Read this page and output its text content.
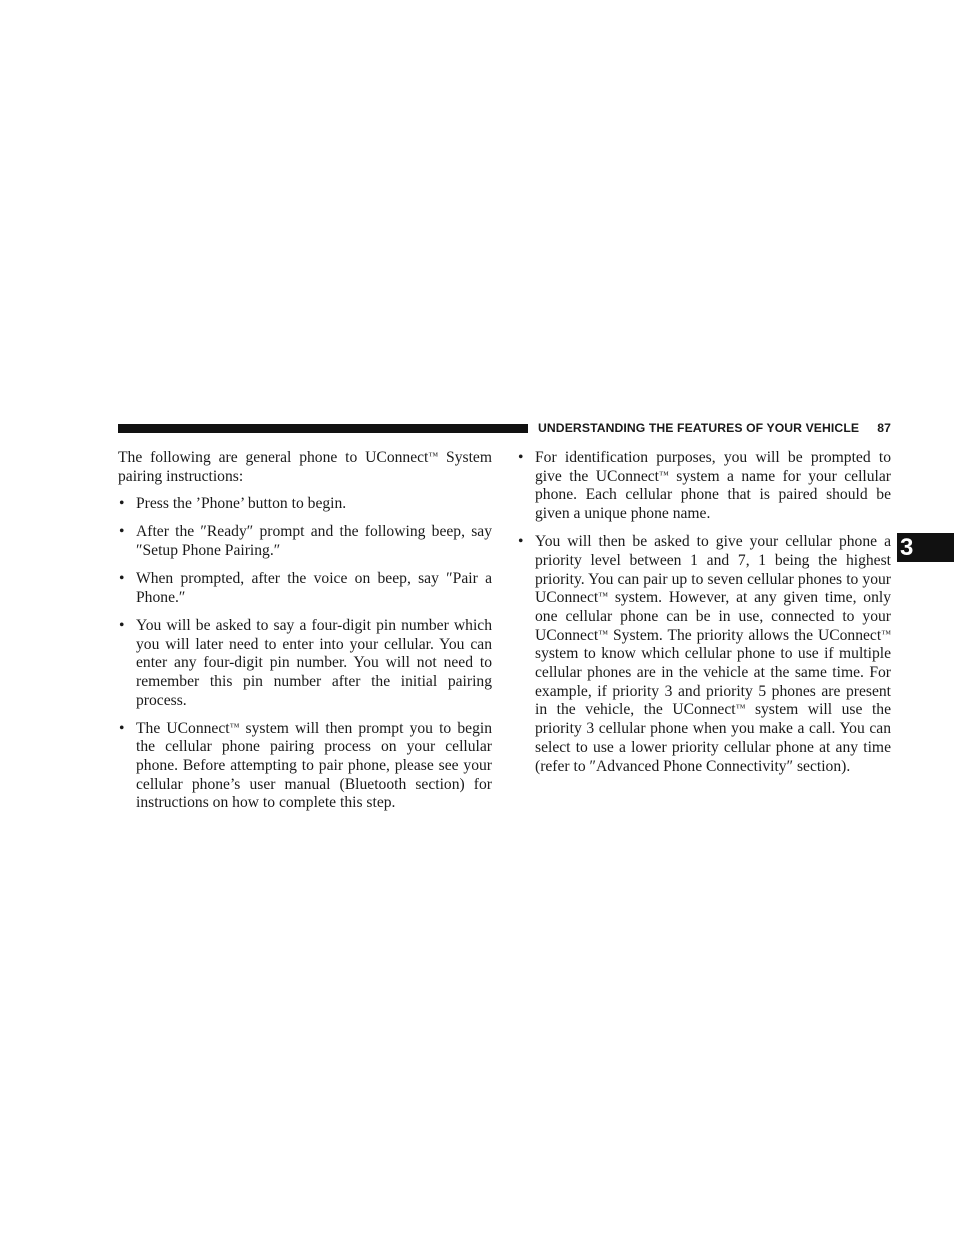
UNDERSTANDING THE FEATURES OF YOUR VEHICLE 87
3

The following are general phone to UConnect™ System pairing instructions:

• Press the ’Phone’ button to begin.
• After the ″Ready″ prompt and the following beep, say ″Setup Phone Pairing.″
• When prompted, after the voice on beep, say ″Pair a Phone.″
• You will be asked to say a four-digit pin number which you will later need to enter into your cellular. You can enter any four-digit pin number. You will not need to remember this pin number after the initial pairing process.
• The UConnect™ system will then prompt you to begin the cellular phone pairing process on your cellular phone. Before attempting to pair phone, please see your cellular phone’s user manual (Bluetooth section) for instructions on how to complete this step.
• For identification purposes, you will be prompted to give the UConnect™ system a name for your cellular phone. Each cellular phone that is paired should be given a unique phone name.
• You will then be asked to give your cellular phone a priority level between 1 and 7, 1 being the highest priority. You can pair up to seven cellular phones to your UConnect™ system. However, at any given time, only one cellular phone can be in use, connected to your UConnect™ System. The priority allows the UConnect™ system to know which cellular phone to use if multiple cellular phones are in the vehicle at the same time. For example, if priority 3 and priority 5 phones are present in the vehicle, the UConnect™ system will use the priority 3 cellular phone when you make a call. You can select to use a lower priority cellular phone at any time (refer to ″Advanced Phone Connectivity″ section).
